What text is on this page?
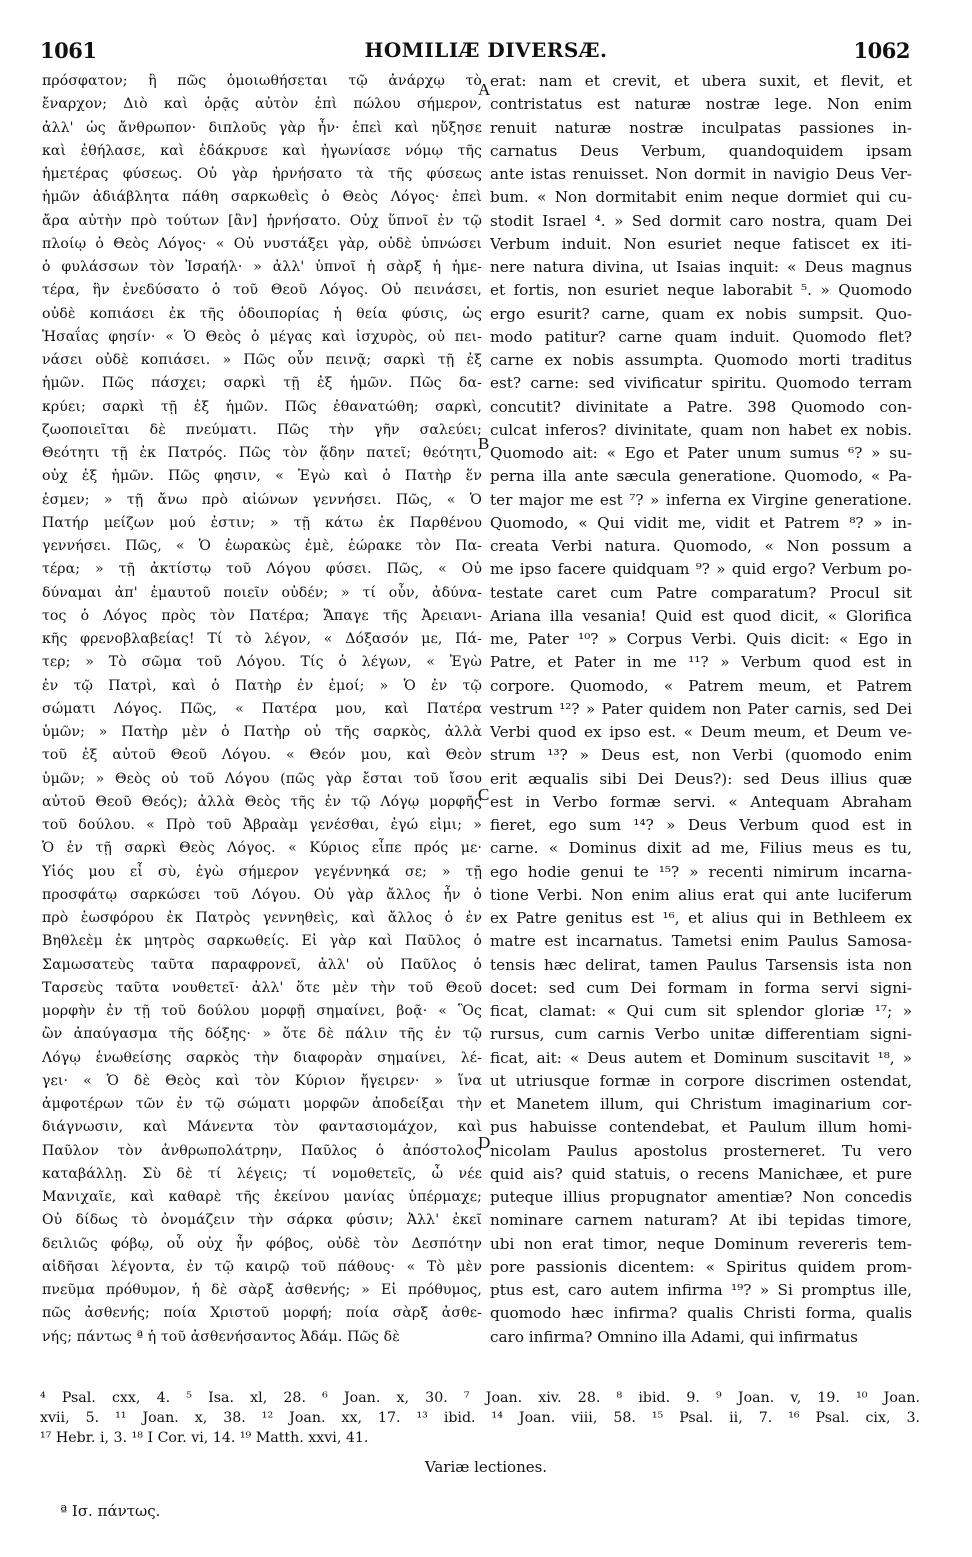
1061	HOMILIÆ DIVERSÆ.	1062
πρόσφατον; ἢ πῶς ὁμοιωθήσεται τῷ ἀνάρχῳ τὸ
ἔναρχον; Διὸ καὶ ὁρᾷς αὐτὸν ἐπὶ πώλου σήμερον,
ἀλλ' ὡς ἄνθρωπον· διπλοῦς γὰρ ἦν· ἐπεὶ καὶ ηὔξησε
καὶ ἐθήλασε, καὶ ἐδάκρυσε καὶ ἠγωνίασε νόμῳ τῆς
ἡμετέρας φύσεως. Οὐ γὰρ ἠρνήσατο τὰ τῆς φύσεως
ἡμῶν ἀδιάβλητα πάθη σαρκωθεὶς ὁ Θεὸς Λόγος· ἐπεὶ
ἄρα αὐτὴν πρὸ τούτων [ἂν] ἠρνήσατο. Οὐχ ὕπνοῖ ἐν τῷ
πλοίῳ ὁ Θεὸς Λόγος· « Οὐ νυστάξει γὰρ, οὐδὲ ὑπνώσει
ὁ φυλάσσων τὸν Ἰσραήλ· » ἀλλ' ὑπνοῖ ἡ σὰρξ ἡ ἡμε-
τέρα, ἣν ἐνεδύσατο ὁ τοῦ Θεοῦ Λόγος. Οὐ πεινάσει,
οὐδὲ κοπιάσει ἐκ τῆς ὁδοιπορίας ἡ θεία φύσις, ὡς
Ἡσαΐας φησίν· « Ὁ Θεὸς ὁ μέγας καὶ ἰσχυρὸς, οὐ πει-
νάσει οὐδὲ κοπιάσει. » Πῶς οὖν πεινᾷ; σαρκὶ τῇ ἐξ
ἡμῶν. Πῶς πάσχει; σαρκὶ τῇ ἐξ ἡμῶν. Πῶς δα-
κρύει; σαρκὶ τῇ ἐξ ἡμῶν. Πῶς ἐθανατώθη; σαρκὶ,
ζωοποιεῖται δὲ πνεύματι. Πῶς τὴν γῆν σαλεύει;
Θεότητι τῇ ἐκ Πατρός. Πῶς τὸν ᾅδην πατεῖ; θεότητι,
οὐχ ἐξ ἡμῶν. Πῶς φησιν, « Ἐγὼ καὶ ὁ Πατὴρ ἕν
ἐσμεν; » τῇ ἄνω πρὸ αἰώνων γεννήσει. Πῶς, « Ὁ
Πατήρ μείζων μού ἐστιν; » τῇ κάτω ἐκ Παρθένου
γεννήσει. Πῶς, « Ὁ ἑωρακὼς ἐμὲ, ἑώρακε τὸν Πα-
τέρα; » τῇ ἀκτίστῳ τοῦ Λόγου φύσει. Πῶς, « Οὐ
δύναμαι ἀπ' ἐμαυτοῦ ποιεῖν οὐδέν; » τί οὖν, ἀδύνα-
τος ὁ Λόγος πρὸς τὸν Πατέρα; Ἄπαγε τῆς Ἀρειανι-
κῆς φρενοβλαβείας! Τί τὸ λέγον, « Δόξασόν με, Πά-
τερ; » Τὸ σῶμα τοῦ Λόγου. Τίς ὁ λέγων, « Ἐγὼ
ἐν τῷ Πατρὶ, καὶ ὁ Πατὴρ ἐν ἐμοί; » Ὁ ἐν τῷ
σώματι Λόγος. Πῶς, « Πατέρα μου, καὶ Πατέρα
ὑμῶν; » Πατὴρ μὲν ὁ Πατὴρ οὐ τῆς σαρκὸς, ἀλλὰ
τοῦ ἐξ αὐτοῦ Θεοῦ Λόγου. « Θεόν μου, καὶ Θεὸν
ὑμῶν; » Θεὸς οὐ τοῦ Λόγου (πῶς γὰρ ἔσται τοῦ ἴσου
αὐτοῦ Θεοῦ Θεός); ἀλλὰ Θεὸς τῆς ἐν τῷ Λόγῳ μορφῆς
τοῦ δούλου. « Πρὸ τοῦ Ἀβραὰμ γενέσθαι, ἐγώ εἰμι; »
Ὁ ἐν τῇ σαρκὶ Θεὸς Λόγος. « Κύριος εἶπε πρός με·
Υἱός μου εἶ σὺ, ἐγὼ σήμερον γεγέννηκά σε; » τῇ
προσφάτῳ σαρκώσει τοῦ Λόγου. Οὐ γὰρ ἄλλος ἦν ὁ
πρὸ ἑωσφόρου ἐκ Πατρὸς γεννηθεὶς, καὶ ἄλλος ὁ ἐν
Βηθλεὲμ ἐκ μητρὸς σαρκωθείς. Εἰ γὰρ καὶ Παῦλος ὁ
Σαμωσατεὺς ταῦτα παραφρονεῖ, ἀλλ' οὐ Παῦλος ὁ
Ταρσεὺς ταῦτα νουθετεῖ· ἀλλ' ὅτε μὲν τὴν τοῦ Θεοῦ
μορφὴν ἐν τῇ τοῦ δούλου μορφῇ σημαίνει, βοᾷ· « Ὃς
ὢν ἀπαύγασμα τῆς δόξης· » ὅτε δὲ πάλιν τῆς ἐν τῷ
Λόγῳ ἑνωθείσης σαρκὸς τὴν διαφορὰν σημαίνει, λέ-
γει· « Ὁ δὲ Θεὸς καὶ τὸν Κύριον ἤγειρεν· » ἵνα
ἀμφοτέρων τῶν ἐν τῷ σώματι μορφῶν ἀποδείξαι τὴν
διάγνωσιν, καὶ Μάνεντα τὸν φαντασιομάχον, καὶ
Παῦλον τὸν ἀνθρωπολάτρην, Παῦλος ὁ ἀπόστολος
καταβάλλῃ. Σὺ δὲ τί λέγεις; τί νομοθετεῖς, ὦ νέε
Μανιχαῖε, καὶ καθαρὲ τῆς ἐκείνου μανίας ὑπέρμαχε;
Οὐ δίδως τὸ ὀνομάζειν τὴν σάρκα φύσιν; Ἀλλ' ἐκεῖ
δειλιῶς φόβῳ, οὗ οὐχ ἦν φόβος, οὐδὲ τὸν Δεσπότην
αἰδῆσαι λέγοντα, ἐν τῷ καιρῷ τοῦ πάθους· « Τὸ μὲν
πνεῦμα πρόθυμον, ἡ δὲ σὰρξ ἀσθενής; » Εἰ πρόθυμος,
πῶς ἀσθενής; ποία Χριστοῦ μορφή; ποία σὰρξ ἀσθε-
νής; πάντως ª ἡ τοῦ ἀσθενήσαντος Ἀδάμ. Πῶς δὲ
erat: nam et crevit, et ubera suxit, et flevit, et
contristatus est naturæ nostræ lege. Non enim
renuit naturæ nostræ inculpatas passiones in-
carnatus Deus Verbum, quandoquidem ipsam
ante istas renuisset. Non dormit in navigio Deus Ver-
bum. « Non dormitabit enim neque dormiet qui cu-
stodit Israel ⁴. » Sed dormit caro nostra, quam Dei
Verbum induit. Non esuriet neque fatiscet ex iti-
nere natura divina, ut Isaias inquit: « Deus magnus
et fortis, non esuriet neque laborabit ⁵. » Quomodo
ergo esurit? carne, quam ex nobis sumpsit. Quo-
modo patitur? carne quam induit. Quomodo flet?
carne ex nobis assumpta. Quomodo morti traditus
est? carne: sed vivificatur spiritu. Quomodo terram
concutit? divinitate a Patre. 398 Quomodo con-
culcat inferos? divinitate, quam non habet ex nobis.
Quomodo ait: « Ego et Pater unum sumus ⁶? » su-
perna illa ante sæcula generatione. Quomodo, « Pa-
ter major me est ⁷? » inferna ex Virgine generatione.
Quomodo, « Qui vidit me, vidit et Patrem ⁸? » in-
creata Verbi natura. Quomodo, « Non possum a
me ipso facere quidquam ⁹? » quid ergo? Verbum po-
testate caret cum Patre comparatum? Procul sit
Ariana illa vesania! Quid est quod dicit, « Glorifica
me, Pater ¹⁰? » Corpus Verbi. Quis dicit: « Ego in
Patre, et Pater in me ¹¹? » Verbum quod est in
corpore. Quomodo, « Patrem meum, et Patrem
vestrum ¹²? » Pater quidem non Pater carnis, sed Dei
Verbi quod ex ipso est. « Deum meum, et Deum ve-
strum ¹³? » Deus est, non Verbi (quomodo enim
erit æqualis sibi Dei Deus?): sed Deus illius quæ
est in Verbo formæ servi. « Antequam Abraham
fieret, ego sum ¹⁴? » Deus Verbum quod est in
carne. « Dominus dixit ad me, Filius meus es tu,
ego hodie genui te ¹⁵? » recenti nimirum incarna-
tione Verbi. Non enim alius erat qui ante luciferum
ex Patre genitus est ¹⁶, et alius qui in Bethleem ex
matre est incarnatus. Tametsi enim Paulus Samosa-
tensis hæc delirat, tamen Paulus Tarsensis ista non
docet: sed cum Dei formam in forma servi signi-
ficat, clamat: « Qui cum sit splendor gloriæ ¹⁷; »
rursus, cum carnis Verbo unitæ differentiam signi-
ficat, ait: « Deus autem et Dominum suscitavit ¹⁸, »
ut utriusque formæ in corpore discrimen ostendat,
et Manetem illum, qui Christum imaginarium cor-
pus habuisse contendebat, et Paulum illum homi-
nicolam Paulus apostolus prosterneret. Tu vero
quid ais? quid statuis, o recens Manichæe, et pure
puteque illius propugnator amentiæ? Non concedis
nominare carnem naturam? At ibi tepidas timore,
ubi non erat timor, neque Dominum revereris tem-
pore passionis dicentem: « Spiritus quidem prom-
ptus est, caro autem infirma ¹⁹? » Si promptus ille,
quomodo hæc infirma? qualis Christi forma, qualis
caro infirma? Omnino illa Adami, qui infirmatus
A
B
C
D
⁴ Psal. cxx, 4. ⁵ Isa. xl, 28. ⁶ Joan. x, 30. ⁷ Joan. xiv. 28. ⁸ ibid. 9. ⁹ Joan. v, 19. ¹⁰ Joan.
xvii, 5. ¹¹ Joan. x, 38. ¹² Joan. xx, 17. ¹³ ibid. ¹⁴ Joan. viii, 58. ¹⁵ Psal. ii, 7. ¹⁶ Psal. cix, 3.
¹⁷ Hebr. i, 3. ¹⁸ I Cor. vi, 14. ¹⁹ Matth. xxvi, 41.
Variæ lectiones.
ª Ισ. πάντως.
